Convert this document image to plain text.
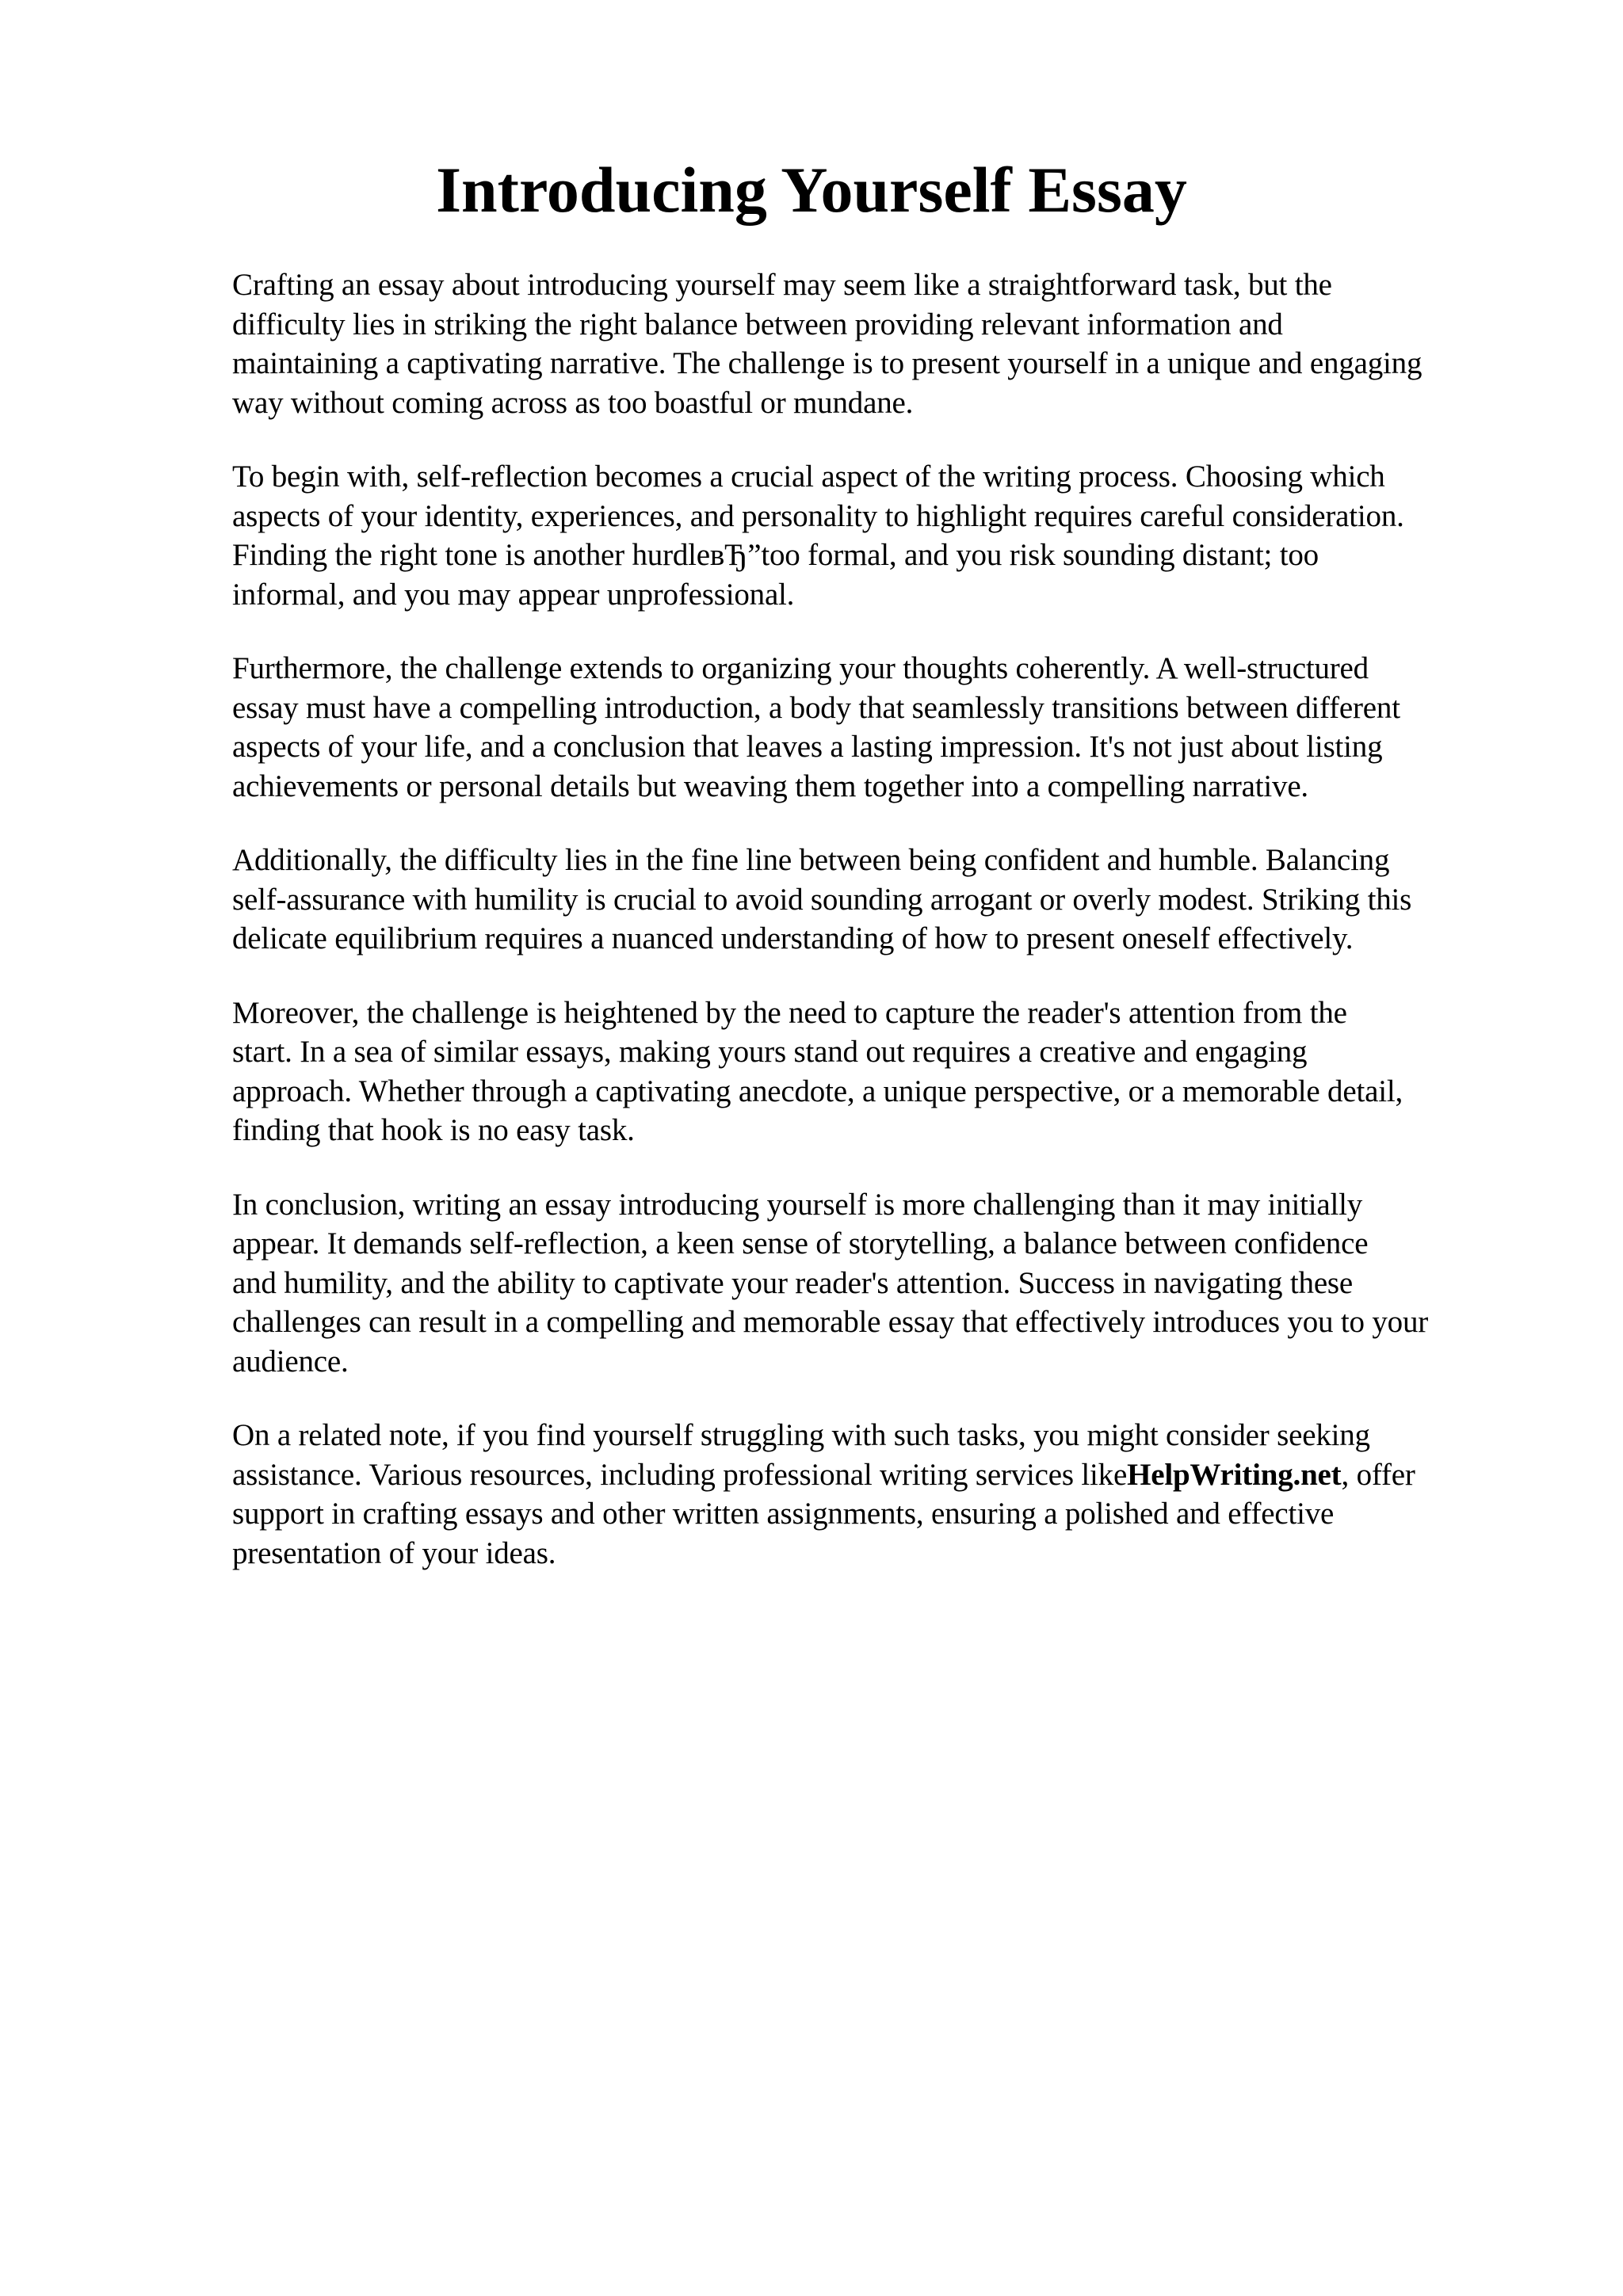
Introducing Yourself Essay

Crafting an essay about introducing yourself may seem like a straightforward task, but the
difficulty lies in striking the right balance between providing relevant information and
maintaining a captivating narrative. The challenge is to present yourself in a unique and engaging
way without coming across as too boastful or mundane.

To begin with, self-reflection becomes a crucial aspect of the writing process. Choosing which
aspects of your identity, experiences, and personality to highlight requires careful consideration.
Finding the right tone is another hurdleвЂ”too formal, and you risk sounding distant; too
informal, and you may appear unprofessional.

Furthermore, the challenge extends to organizing your thoughts coherently. A well-structured
essay must have a compelling introduction, a body that seamlessly transitions between different
aspects of your life, and a conclusion that leaves a lasting impression. It's not just about listing
achievements or personal details but weaving them together into a compelling narrative.

Additionally, the difficulty lies in the fine line between being confident and humble. Balancing
self-assurance with humility is crucial to avoid sounding arrogant or overly modest. Striking this
delicate equilibrium requires a nuanced understanding of how to present oneself effectively.

Moreover, the challenge is heightened by the need to capture the reader's attention from the
start. In a sea of similar essays, making yours stand out requires a creative and engaging
approach. Whether through a captivating anecdote, a unique perspective, or a memorable detail,
finding that hook is no easy task.

In conclusion, writing an essay introducing yourself is more challenging than it may initially
appear. It demands self-reflection, a keen sense of storytelling, a balance between confidence
and humility, and the ability to captivate your reader's attention. Success in navigating these
challenges can result in a compelling and memorable essay that effectively introduces you to your
audience.

On a related note, if you find yourself struggling with such tasks, you might consider seeking
assistance. Various resources, including professional writing services likeHelpWriting.net, offer
support in crafting essays and other written assignments, ensuring a polished and effective
presentation of your ideas.
